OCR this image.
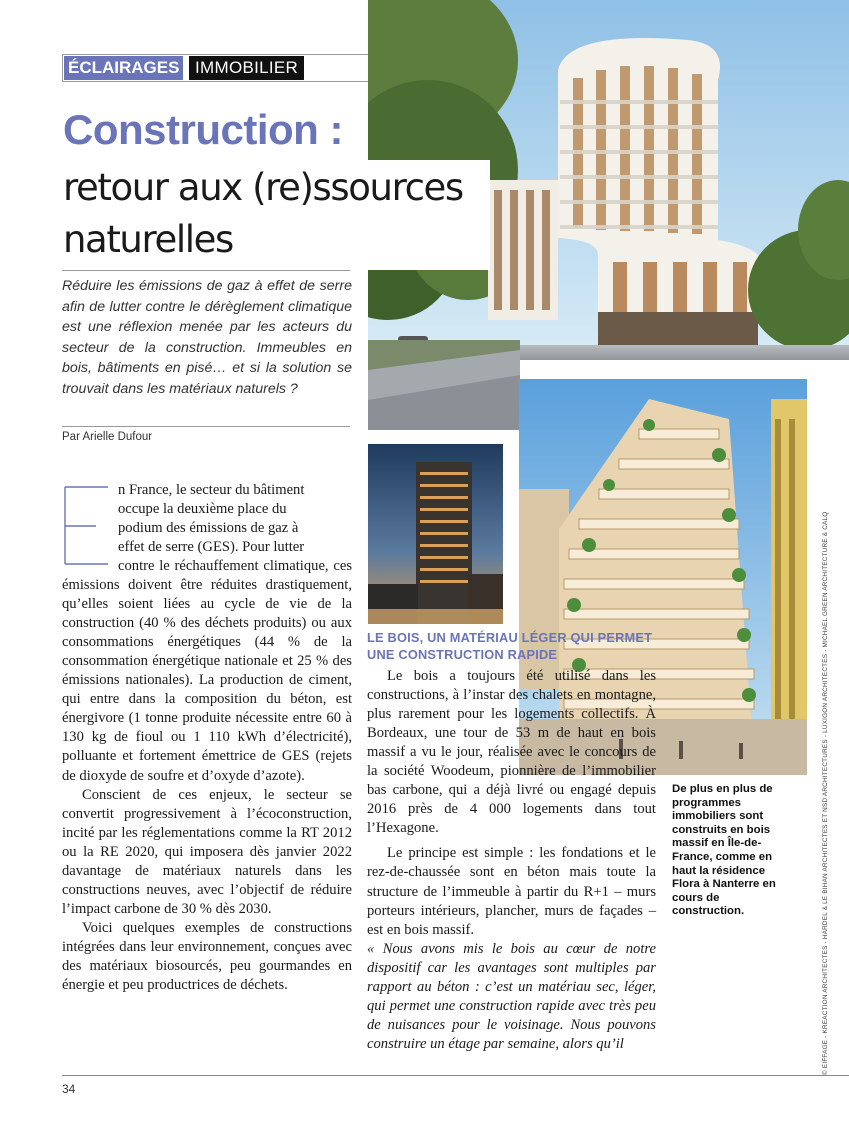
ÉCLAIRAGES IMMOBILIER
Construction :
retour aux (re)ssources
naturelles
Réduire les émissions de gaz à effet de serre afin de lutter contre le dérèglement climatique est une réflexion menée par les acteurs du secteur de la construction. Immeubles en bois, bâtiments en pisé… et si la solution se trouvait dans les matériaux naturels ?
Par Arielle Dufour
n France, le secteur du bâtiment
occupe la deuxième place du
podium des émissions de gaz à
effet de serre (GES). Pour lutter

contre le réchauffement climatique, ces émissions doivent être réduites drastiquement, qu’elles soient liées au cycle de vie de la construction (40 % des déchets produits) ou aux consommations énergétiques (44 % de la consommation énergétique nationale et 25 % des émissions nationales). La production de ciment, qui entre dans la composition du béton, est énergivore (1 tonne produite nécessite entre 60 à 130 kg de fioul ou 1 110 kWh d’électricité), polluante et fortement émettrice de GES (rejets de dioxyde de soufre et d’oxyde d’azote).

Conscient de ces enjeux, le secteur se convertit progressivement à l’écoconstruction, incité par les réglementations comme la RT 2012 ou la RE 2020, qui imposera dès janvier 2022 davantage de matériaux naturels dans les constructions neuves, avec l’objectif de réduire l’impact carbone de 30 % dès 2030.

Voici quelques exemples de constructions intégrées dans leur environnement, conçues avec des matériaux biosourcés, peu gourmandes en énergie et peu productrices de déchets.

LE BOIS, UN MATÉRIAU LÉGER QUI PERMET UNE CONSTRUCTION RAPIDE

Le bois a toujours été utilisé dans les constructions, à l’instar des chalets en montagne, plus rarement pour les logements collectifs. À Bordeaux, une tour de 53 m de haut en bois massif a vu le jour, réalisée avec le concours de la société Woodeum, pionnière de l’immobilier bas carbone, qui a déjà livré ou engagé depuis 2016 près de 4 000 logements dans tout l’Hexagone.

Le principe est simple : les fondations et le rez-de-chaussée sont en béton mais toute la structure de l’immeuble à partir du R+1 – murs porteurs intérieurs, plancher, murs de façades – est en bois massif.

« Nous avons mis le bois au cœur de notre dispositif car les avantages sont multiples par rapport au béton : c’est un matériau sec, léger, qui permet une construction rapide avec très peu de nuisances pour le voisinage. Nous pouvons construire un étage par semaine, alors qu’il

De plus en plus de programmes immobiliers sont construits en bois massif en Île-de-France, comme en haut la résidence Flora à Nanterre en cours de construction.	© EIFFAGE - KREACTION ARCHITECTES - HARDEL & LE BIHAN ARCHITECTES ET NSD ARCHITECTURES - LUXIGON ARCHITECTES - MICHAEL GREEN ARCHITECTURE & CALQ
34
